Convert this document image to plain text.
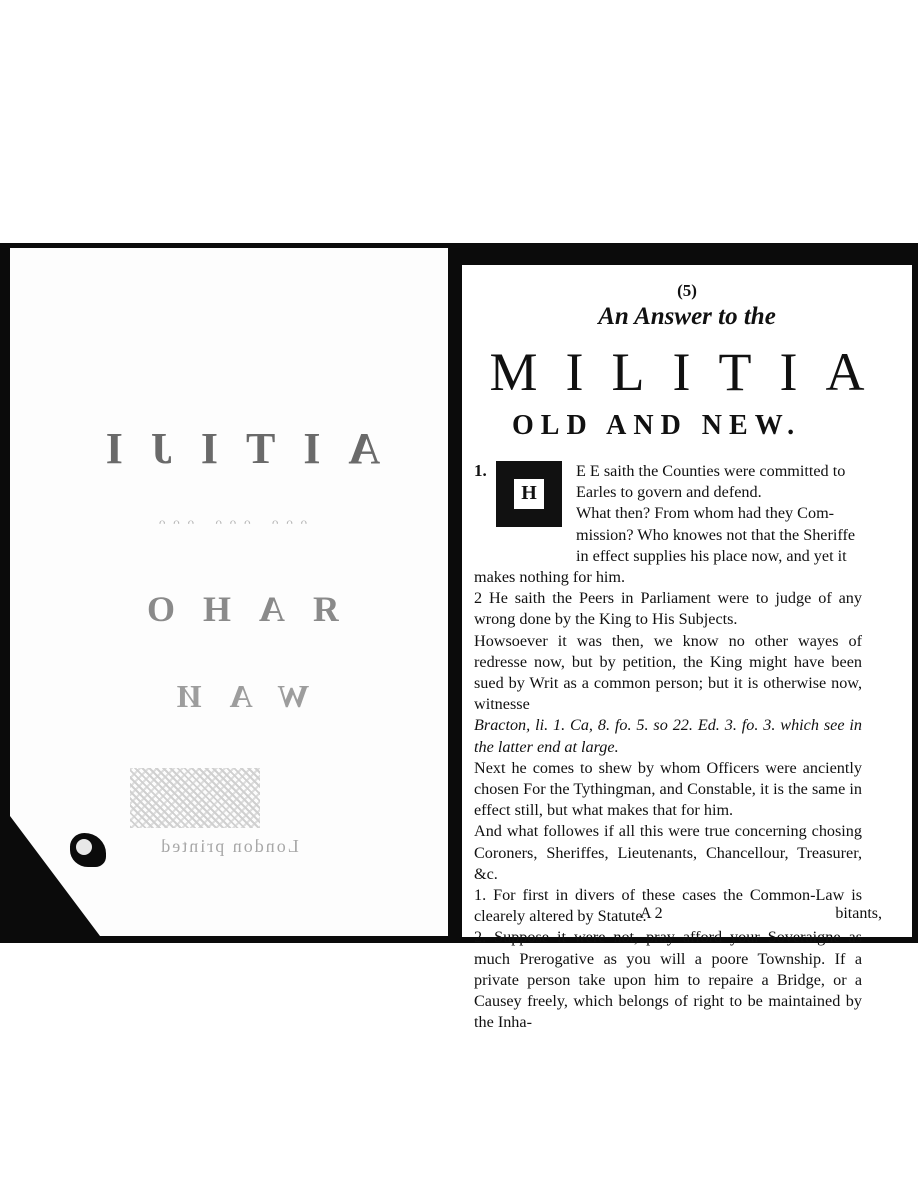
AITIJI
ᵔᵔᵔ ᵔᵔᵔ ᵔᵔᵔ
ЯAHO
WAИ
London printed
(5)
An Answer to the
MILITIA
OLD AND NEW.
1.
H

E E saith the Counties were committed to

Earles to govern and defend.

What then? From whom had they Com-

mission? Who knowes not that the Sheriffe

in effect supplies his place now, and yet it

makes nothing for him.

2 He saith the Peers in Parliament were to judge of any wrong done by the King to His Subjects.

Howsoever it was then, we know no other wayes of redresse now, but by petition, the King might have been sued by Writ as a common person; but it is otherwise now, witnesse

Bracton, li. 1. Ca, 8. fo. 5. so 22. Ed. 3. fo. 3. which see in the latter end at large.

Next he comes to shew by whom Officers were anciently chosen For the Tythingman, and Constable, it is the same in effect still, but what makes that for him.

And what followes if all this were true concerning chosing Coroners, Sheriffes, Lieutenants, Chancellour, Treasurer, &c.

1. For first in divers of these cases the Common-Law is clearely altered by Statute.

2. Suppose it were not, pray afford your Soveraigne as much Prerogative as you will a poore Township. If a private person take upon him to repaire a Bridge, or a Causey freely, which belongs of right to be maintained by the Inha-

A 2	bitants,
